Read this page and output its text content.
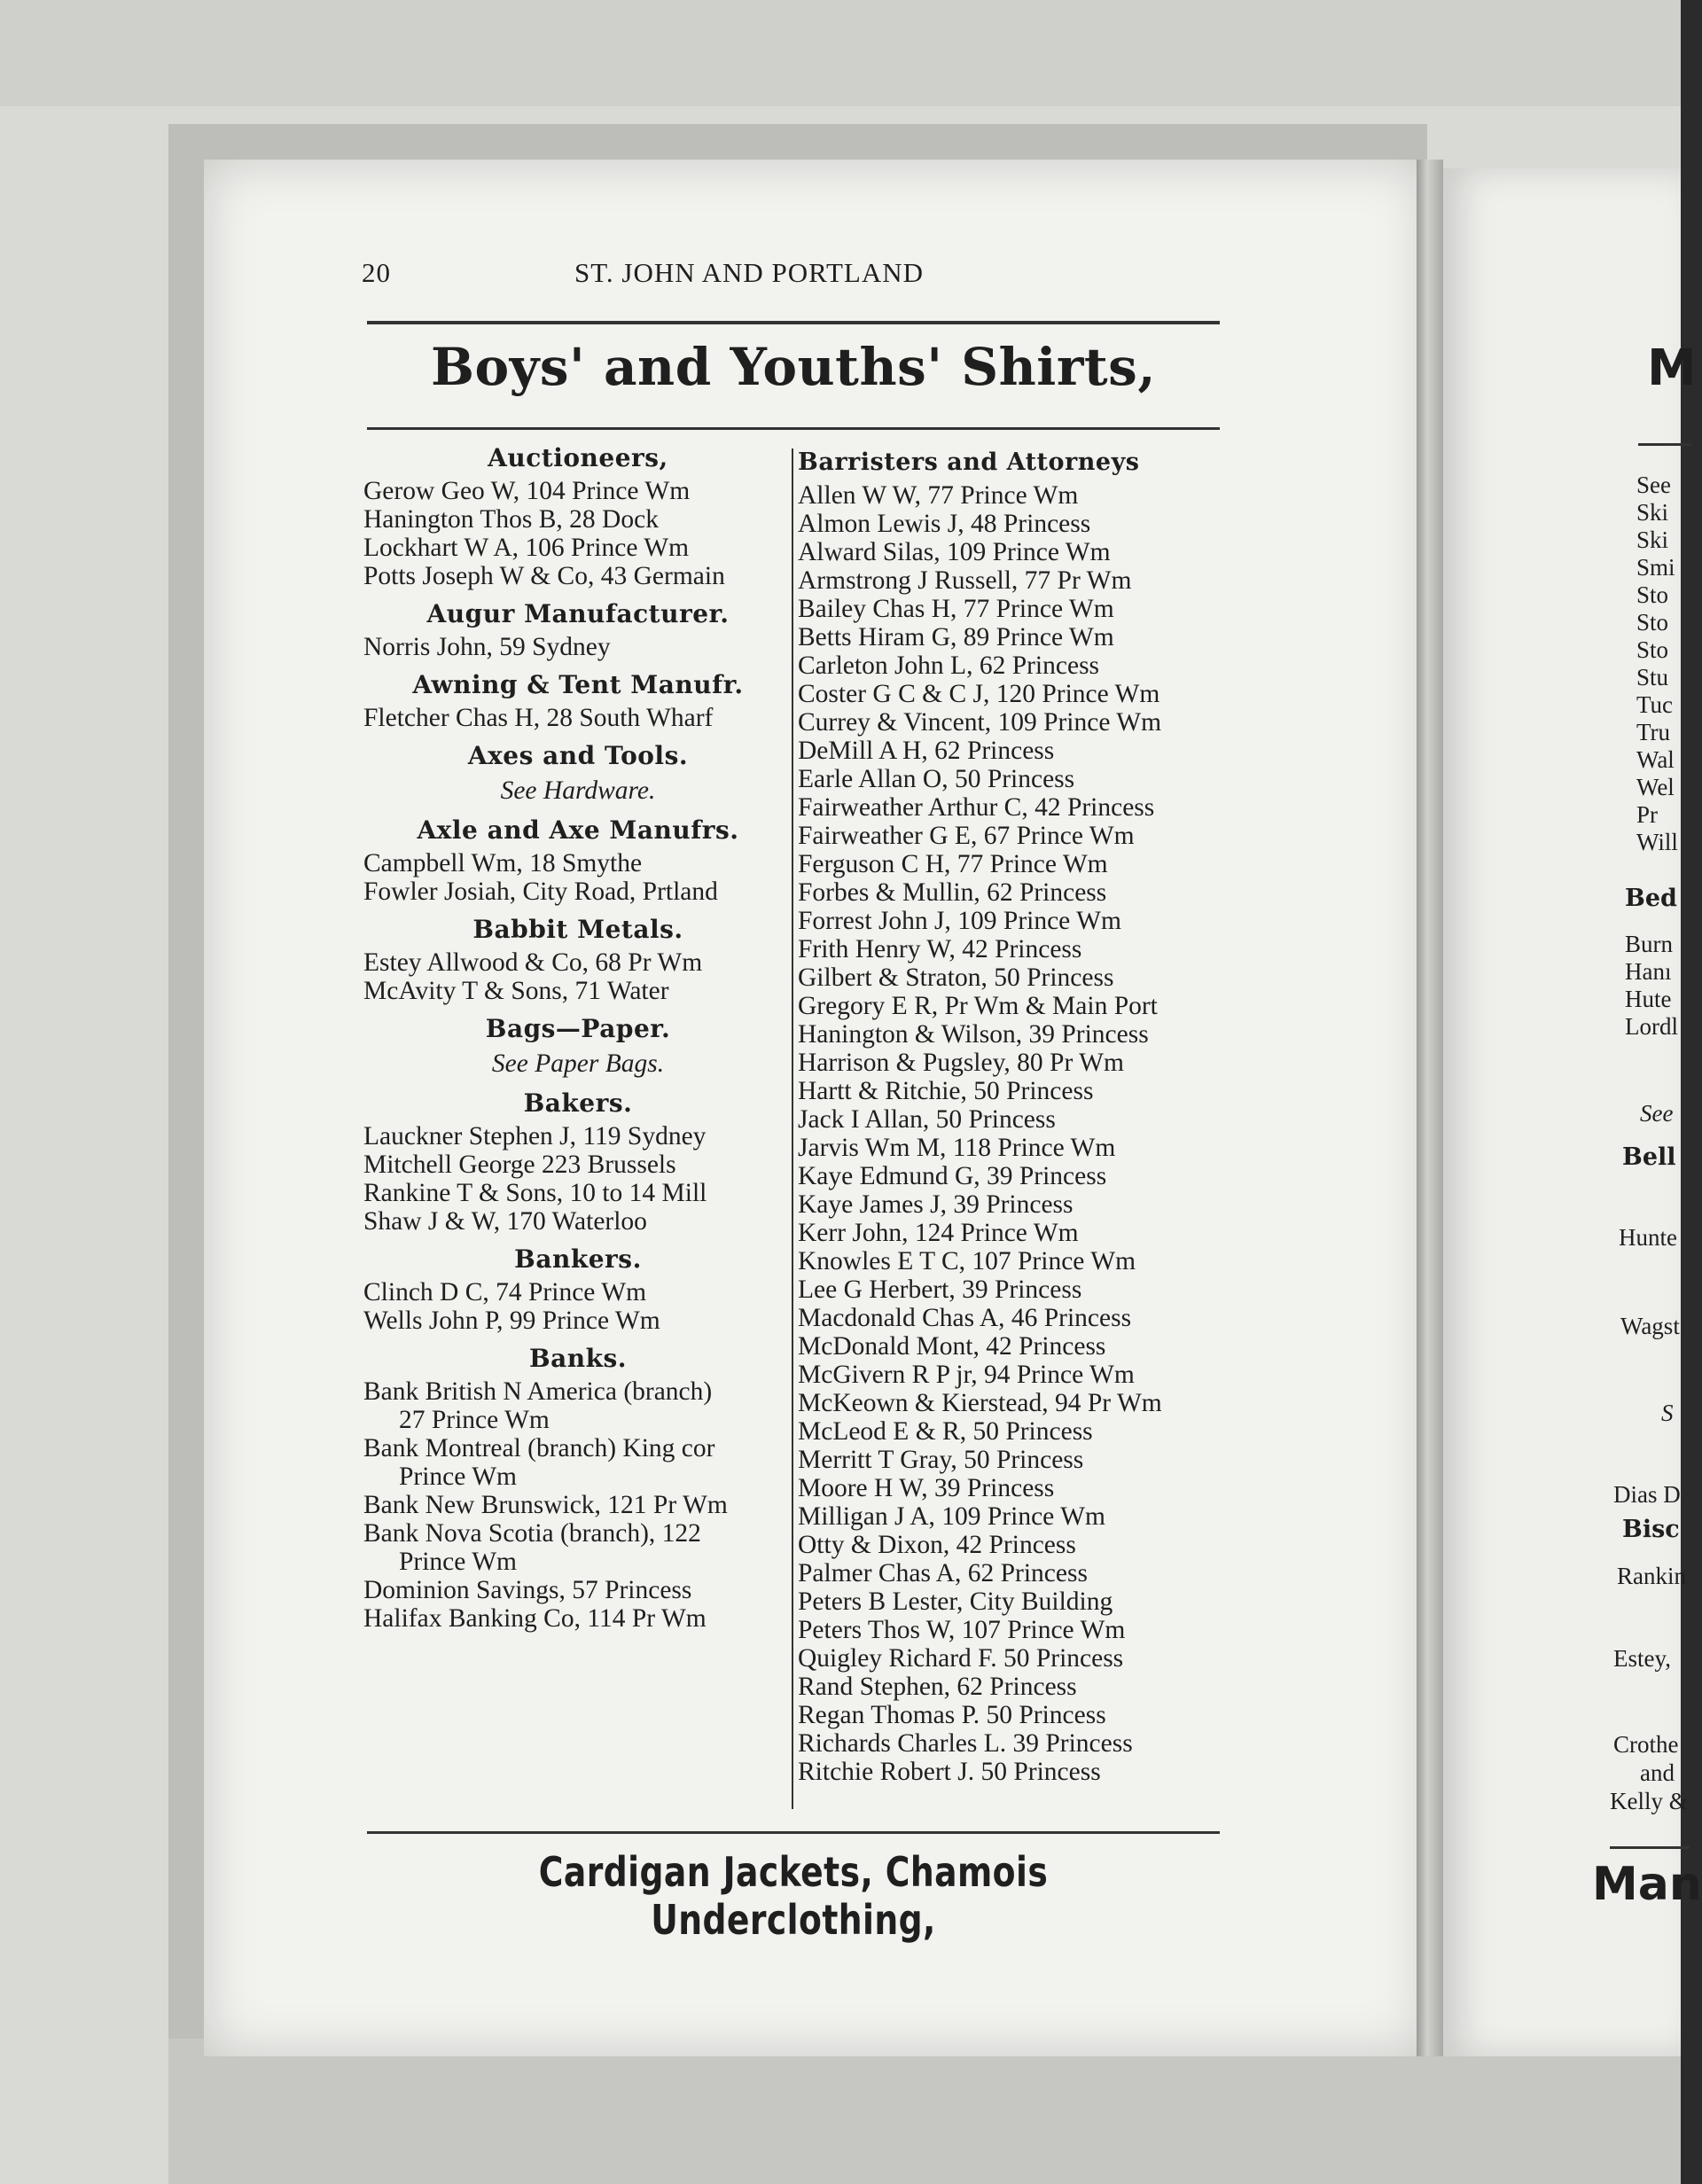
20	ST. JOHN AND PORTLAND
Boys' and Youths' Shirts,
Auctioneers,
Gerow Geo W, 104 Prince Wm
Hanington Thos B, 28 Dock
Lockhart W A, 106 Prince Wm
Potts Joseph W & Co, 43 Germain
Augur Manufacturer.
Norris John, 59 Sydney
Awning & Tent Manufr.
Fletcher Chas H, 28 South Wharf
Axes and Tools.
See Hardware.
Axle and Axe Manufrs.
Campbell Wm, 18 Smythe
Fowler Josiah, City Road, Prtland
Babbit Metals.
Estey Allwood & Co, 68 Pr Wm
McAvity T & Sons, 71 Water
Bags—Paper.
See Paper Bags.
Bakers.
Lauckner Stephen J, 119 Sydney
Mitchell George 223 Brussels
Rankine T & Sons, 10 to 14 Mill
Shaw J & W, 170 Waterloo
Bankers.
Clinch D C, 74 Prince Wm
Wells John P, 99 Prince Wm
Banks.
Bank British N America (branch)
27 Prince Wm
Bank Montreal (branch) King cor
Prince Wm
Bank New Brunswick, 121 Pr Wm
Bank Nova Scotia (branch), 122
Prince Wm
Dominion Savings, 57 Princess
Halifax Banking Co, 114 Pr Wm
Barristers and Attorneys
Allen W W, 77 Prince Wm
Almon Lewis J, 48 Princess
Alward Silas, 109 Prince Wm
Armstrong J Russell, 77 Pr Wm
Bailey Chas H, 77 Prince Wm
Betts Hiram G, 89 Prince Wm
Carleton John L, 62 Princess
Coster G C & C J, 120 Prince Wm
Currey & Vincent, 109 Prince Wm
DeMill A H, 62 Princess
Earle Allan O, 50 Princess
Fairweather Arthur C, 42 Princess
Fairweather G E, 67 Prince Wm
Ferguson C H, 77 Prince Wm
Forbes & Mullin, 62 Princess
Forrest John J, 109 Prince Wm
Frith Henry W, 42 Princess
Gilbert & Straton, 50 Princess
Gregory E R, Pr Wm & Main Port
Hanington & Wilson, 39 Princess
Harrison & Pugsley, 80 Pr Wm
Hartt & Ritchie, 50 Princess
Jack I Allan, 50 Princess
Jarvis Wm M, 118 Prince Wm
Kaye Edmund G, 39 Princess
Kaye James J, 39 Princess
Kerr John, 124 Prince Wm
Knowles E T C, 107 Prince Wm
Lee G Herbert, 39 Princess
Macdonald Chas A, 46 Princess
McDonald Mont, 42 Princess
McGivern R P jr, 94 Prince Wm
McKeown & Kierstead, 94 Pr Wm
McLeod E & R, 50 Princess
Merritt T Gray, 50 Princess
Moore H W, 39 Princess
Milligan J A, 109 Prince Wm
Otty & Dixon, 42 Princess
Palmer Chas A, 62 Princess
Peters B Lester, City Building
Peters Thos W, 107 Prince Wm
Quigley Richard F. 50 Princess
Rand Stephen, 62 Princess
Regan Thomas P. 50 Princess
Richards Charles L. 39 Princess
Ritchie Robert J. 50 Princess
Cardigan Jackets, Chamois Underclothing,
M
See
Ski
Ski
Smi
Sto
Sto
Sto
Stu
Tuc
Tru
Wal
Wel
Pr
Will
Bed
Burn
Hanı
Hute
Lordl
See
Bell
Hunte
Wagst
S
Dias D
Bisc
Rankin
Estey,
Crothe
and
Kelly &
Man
